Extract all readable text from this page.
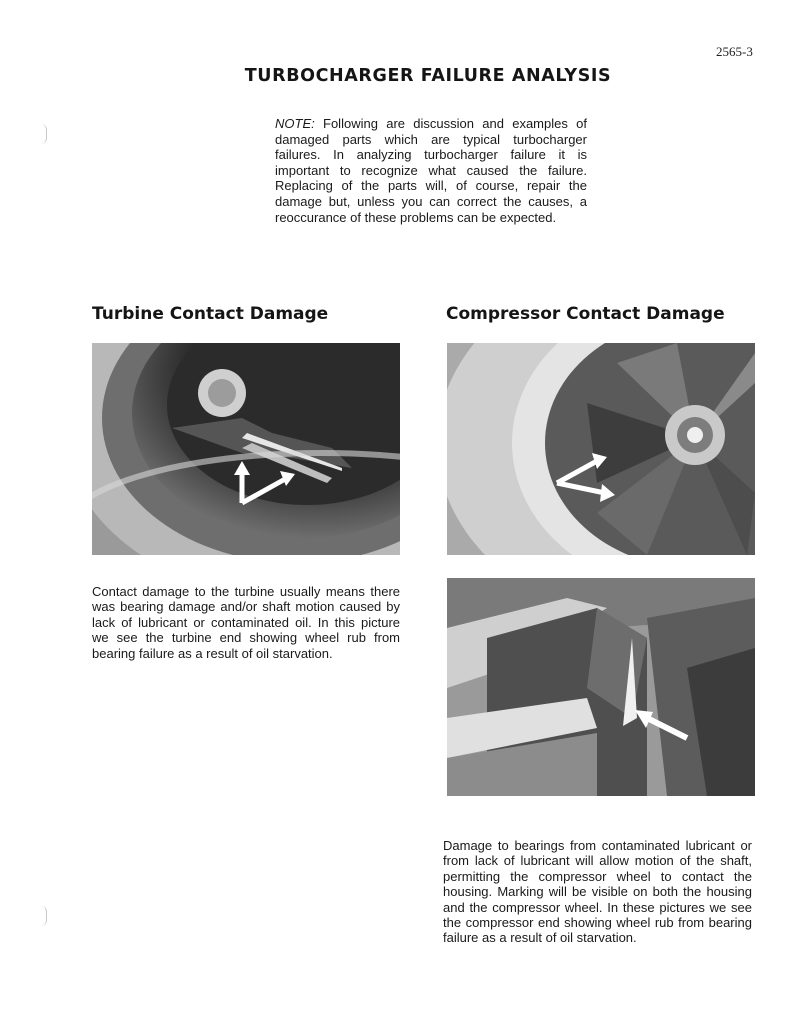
2565-3
TURBOCHARGER FAILURE ANALYSIS
NOTE: Following are discussion and examples of damaged parts which are typical turbocharger failures. In analyzing turbocharger failure it is important to recognize what caused the failure. Replacing of the parts will, of course, repair the damage but, unless you can correct the causes, a reoccurance of these problems can be expected.
Turbine Contact Damage	Compressor Contact Damage
Contact damage to the turbine usually means there was bearing damage and/or shaft motion caused by lack of lubricant or contaminated oil. In this picture we see the turbine end showing wheel rub from bearing failure as a result of oil starvation.
Damage to bearings from contaminated lubricant or from lack of lubricant will allow motion of the shaft, permitting the compressor wheel to contact the housing. Marking will be visible on both the housing and the compressor wheel. In these pictures we see the compressor end showing wheel rub from bearing failure as a result of oil starvation.
